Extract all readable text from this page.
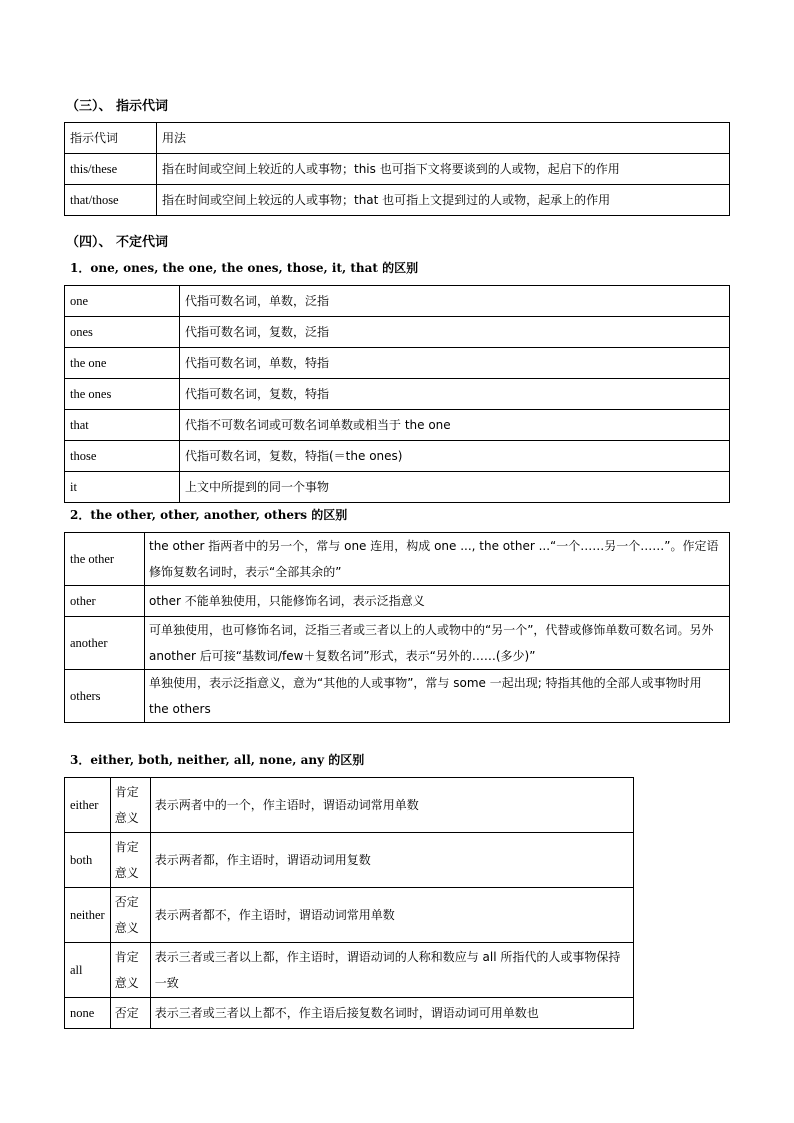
（三）、 指示代词
指示代词	用法
this/these	指在时间或空间上较近的人或事物；this 也可指下文将要谈到的人或物，起启下的作用
that/those	指在时间或空间上较远的人或事物；that 也可指上文提到过的人或物，起承上的作用
（四）、 不定代词
1．one, ones, the one, the ones, those, it, that 的区别
one	代指可数名词，单数，泛指
ones	代指可数名词，复数，泛指
the one	代指可数名词，单数，特指
the ones	代指可数名词，复数，特指
that	代指不可数名词或可数名词单数或相当于 the one
those	代指可数名词，复数，特指(＝the ones)
it	上文中所提到的同一个事物
2．the other, other, another, others 的区别
the other	the other 指两者中的另一个，常与 one 连用，构成 one ..., the other ...“一个……另一个……”。作定语修饰复数名词时，表示“全部其余的”
other	other 不能单独使用，只能修饰名词，表示泛指意义
another	可单独使用，也可修饰名词，泛指三者或三者以上的人或物中的“另一个”，代替或修饰单数可数名词。另外 another 后可接“基数词/few＋复数名词”形式，表示“另外的……(多少)”
others	单独使用，表示泛指意义，意为“其他的人或事物”，常与 some 一起出现; 特指其他的全部人或事物时用 the others
3．either, both, neither, all, none, any 的区别
either	肯定意义	表示两者中的一个，作主语时，谓语动词常用单数
both	肯定意义	表示两者都，作主语时，谓语动词用复数
neither	否定意义	表示两者都不，作主语时，谓语动词常用单数
all	肯定意义	表示三者或三者以上都，作主语时，谓语动词的人称和数应与 all 所指代的人或事物保持一致
none	否定	表示三者或三者以上都不，作主语后接复数名词时，谓语动词可用单数也
